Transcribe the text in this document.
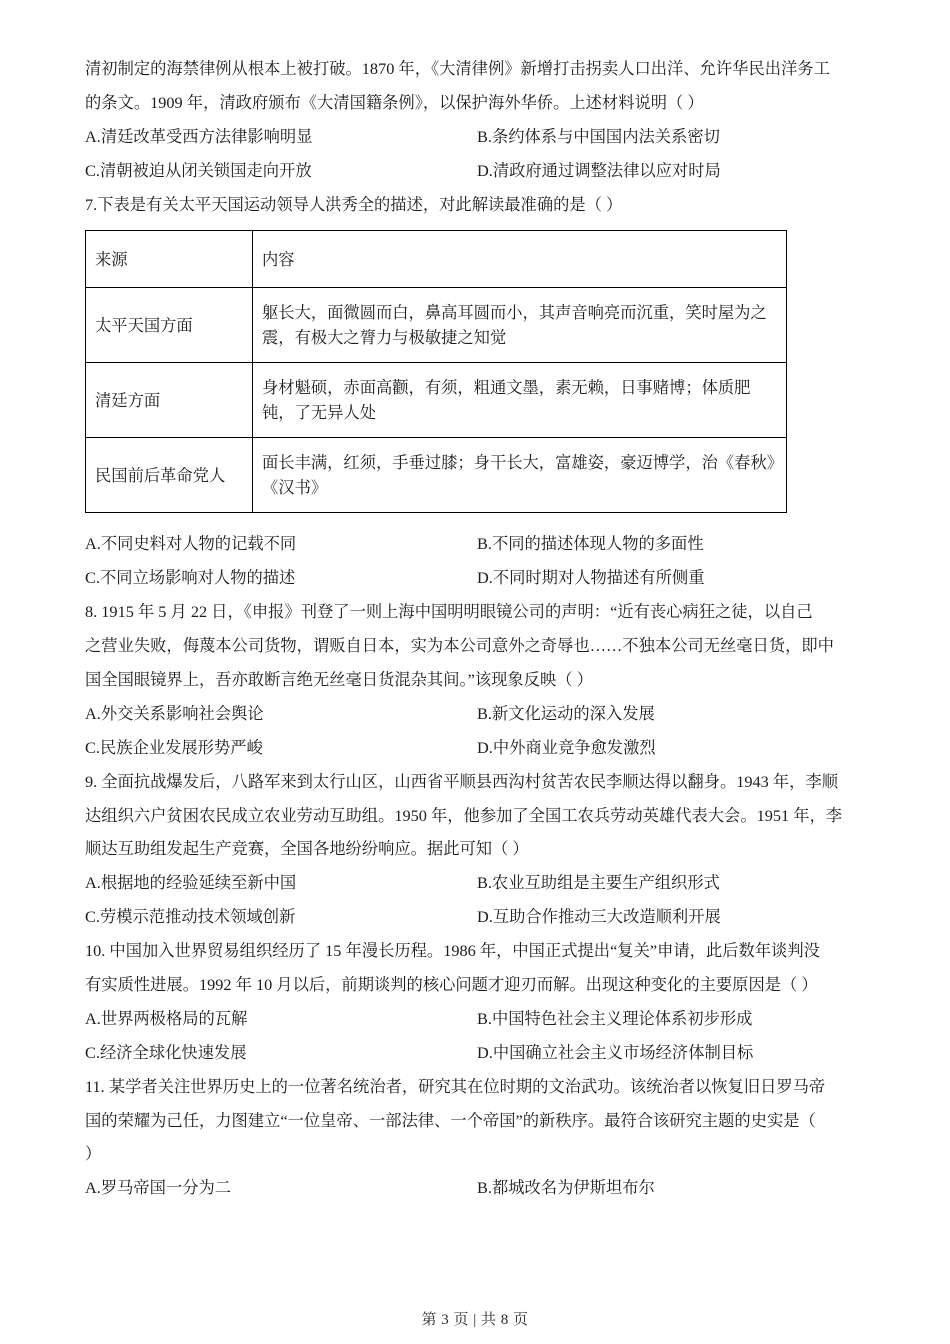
清初制定的海禁律例从根本上被打破。1870 年，《大清律例》新增打击拐卖人口出洋、允许华民出洋务工

的条文。1909 年，清政府颁布《大清国籍条例》，以保护海外华侨。上述材料说明（ ）

A.清廷改革受西方法律影响明显	B.条约体系与中国国内法关系密切
C.清朝被迫从闭关锁国走向开放	D.清政府通过调整法律以应对时局

7.下表是有关太平天国运动领导人洪秀全的描述，对此解读最准确的是（ ）

来源	内容
太平天国方面	躯长大，面微圆而白，鼻高耳圆而小，其声音响亮而沉重，笑时屋为之震，有极大之膂力与极敏捷之知觉
清廷方面	身材魁硕，赤面高颧，有须，粗通文墨，素无赖，日事赌博；体质肥钝，了无异人处
民国前后革命党人	面长丰满，红须，手垂过膝；身干长大，富雄姿，豪迈博学，治《春秋》《汉书》
A.不同史料对人物的记载不同	B.不同的描述体现人物的多面性
C.不同立场影响对人物的描述	D.不同时期对人物描述有所侧重

8. 1915 年 5 月 22 日，《申报》刊登了一则上海中国明明眼镜公司的声明：“近有丧心病狂之徒，以自己

之营业失败，侮蔑本公司货物，谓贩自日本，实为本公司意外之奇辱也……不独本公司无丝毫日货，即中

国全国眼镜界上，吾亦敢断言绝无丝毫日货混杂其间。”该现象反映（ ）

A.外交关系影响社会舆论	B.新文化运动的深入发展
C.民族企业发展形势严峻	D.中外商业竞争愈发激烈

9. 全面抗战爆发后，八路军来到太行山区，山西省平顺县西沟村贫苦农民李顺达得以翻身。1943 年，李顺

达组织六户贫困农民成立农业劳动互助组。1950 年，他参加了全国工农兵劳动英雄代表大会。1951 年，李

顺达互助组发起生产竞赛，全国各地纷纷响应。据此可知（ ）

A.根据地的经验延续至新中国	B.农业互助组是主要生产组织形式
C.劳模示范推动技术领域创新	D.互助合作推动三大改造顺利开展

10. 中国加入世界贸易组织经历了 15 年漫长历程。1986 年，中国正式提出“复关”申请，此后数年谈判没

有实质性进展。1992 年 10 月以后，前期谈判的核心问题才迎刃而解。出现这种变化的主要原因是（ ）

A.世界两极格局的瓦解	B.中国特色社会主义理论体系初步形成
C.经济全球化快速发展	D.中国确立社会主义市场经济体制目标

11. 某学者关注世界历史上的一位著名统治者，研究其在位时期的文治武功。该统治者以恢复旧日罗马帝

国的荣耀为己任，力图建立“一位皇帝、一部法律、一个帝国”的新秩序。最符合该研究主题的史实是（

）

A.罗马帝国一分为二	B.都城改名为伊斯坦布尔
第 3 页 | 共 8 页
